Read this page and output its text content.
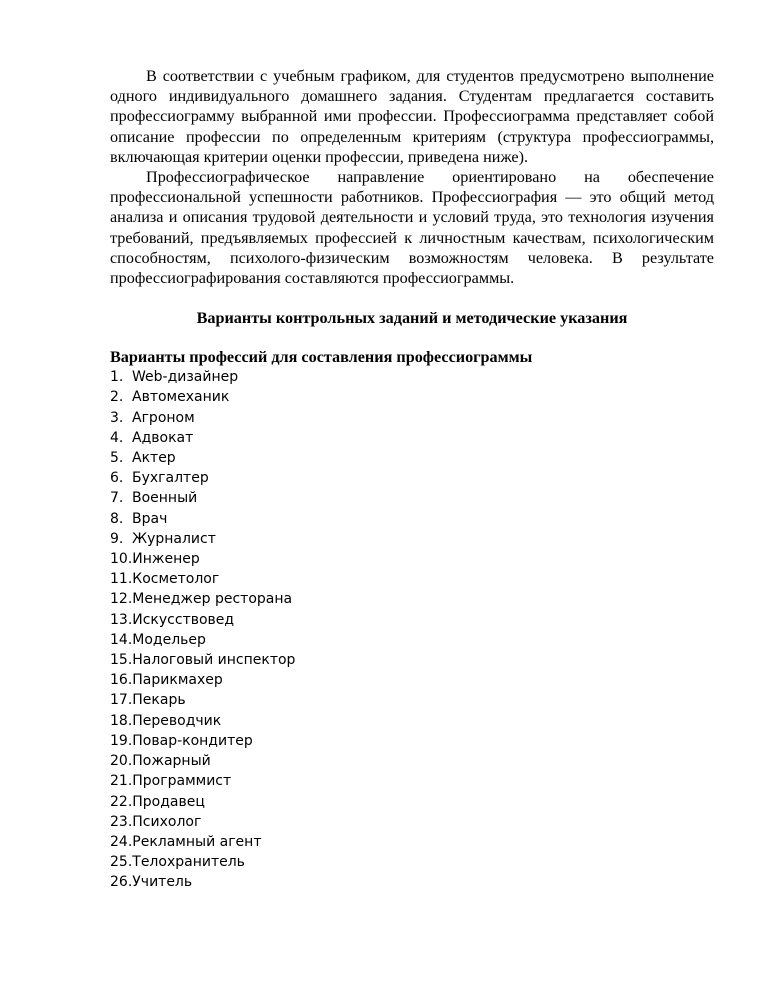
В соответствии с учебным графиком, для студентов предусмотрено выполнение одного индивидуального домашнего задания. Студентам предлагается составить профессиограмму выбранной ими профессии. Профессиограмма представляет собой описание профессии по определенным критериям (структура профессиограммы, включающая критерии оценки профессии, приведена ниже).

Профессиографическое направление ориентировано на обеспечение профессиональной успешности работников. Профессиография — это общий метод анализа и описания трудовой деятельности и условий труда, это технология изучения требований, предъявляемых профессией к личностным качествам, психологическим способностям, психолого-физическим возможностям человека. В результате профессиографирования составляются профессиограммы.

Варианты контрольных заданий и методические указания
Варианты профессий для составления профессиограммы
1. Web-дизайнер
2. Автомеханик
3. Агроном
4. Адвокат
5. Актер
6. Бухгалтер
7. Военный
8. Врач
9. Журналист
10. Инженер
11. Косметолог
12. Менеджер ресторана
13. Искусствовед
14. Модельер
15. Налоговый инспектор
16. Парикмахер
17. Пекарь
18. Переводчик
19. Повар-кондитер
20. Пожарный
21. Программист
22. Продавец
23. Психолог
24. Рекламный агент
25. Телохранитель
26. Учитель
